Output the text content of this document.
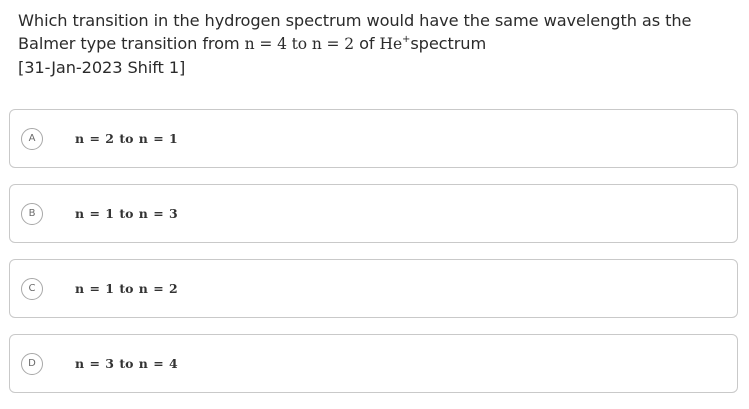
Which transition in the hydrogen spectrum would have the same wavelength as the
Balmer type transition from n = 4 to n = 2 of He+spectrum
[31-Jan-2023 Shift 1]
A	n = 2 to n = 1
B	n = 1 to n = 3
C	n = 1 to n = 2
D	n = 3 to n = 4
